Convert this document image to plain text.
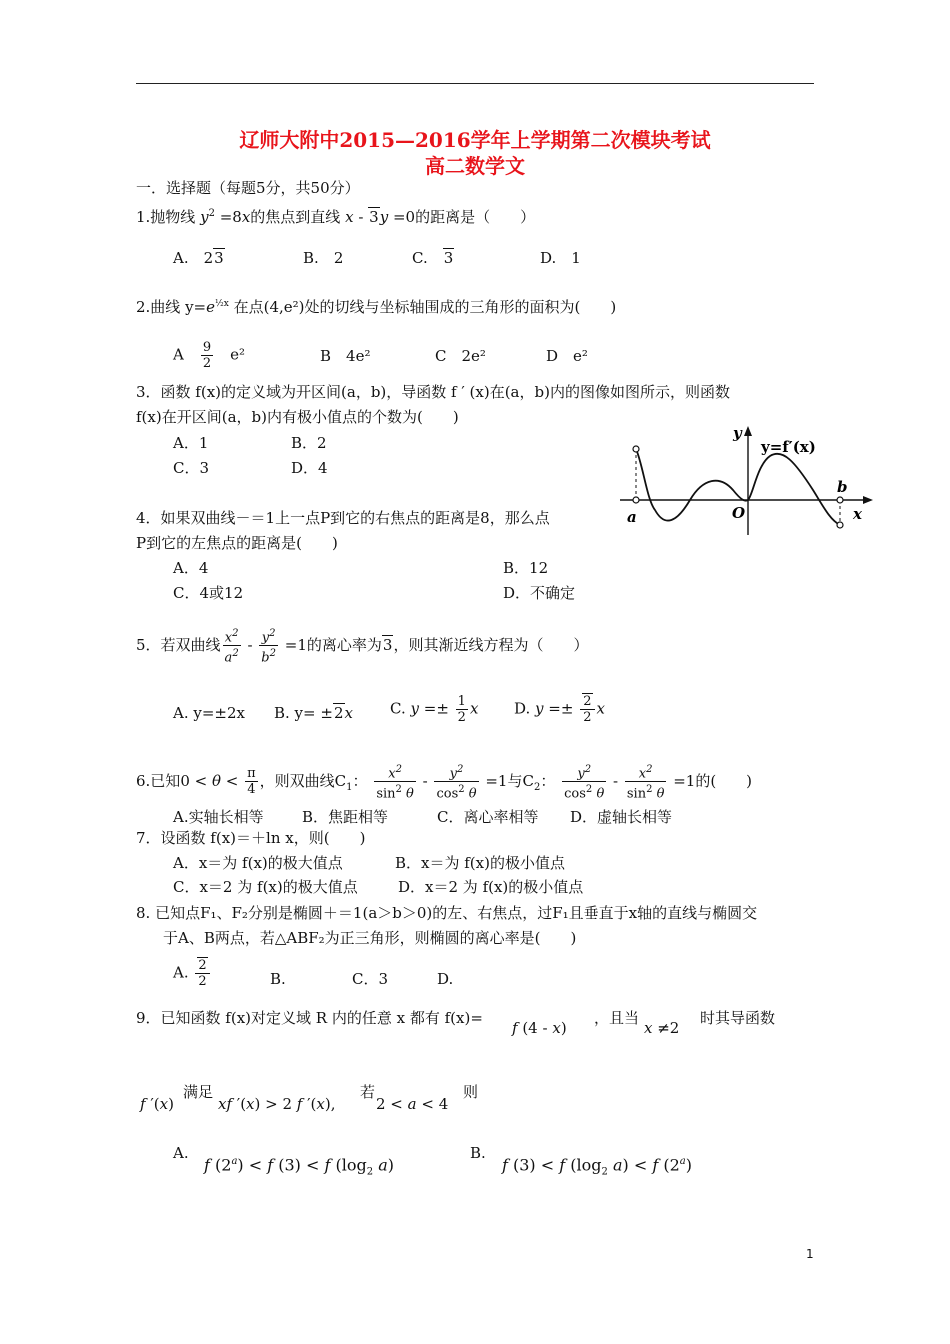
辽师大附中2015—2016学年上学期第二次模块考试
高二数学文
一．选择题（每题5分，共50分）
1.抛物线 $y^2 =8x$的焦点到直线 x - 3y =0的距离是（　　）
A.　23	B.　 2	C.　 3	D.　 1
2.曲线 $y=e^{\frac{1}{2}x}$ 在点(4,e²)处的切线与坐标轴围成的三角形的面积为(　　)
A　 $\frac{9}{2}$
　 e²	B　4e²	C　2e²	D　e²
3．函数 f(x)的定义域为开区间(a，b)，导函数 f ′ (x)在(a，b)内的图像如图所示，则函数
f(x)在开区间(a，b)内有极小值点的个数为(　　)
A．1	B．2
C．3	D．4
y
y=f′(x)
x
a
b
O
4．如果双曲线－＝1上一点P到它的右焦点的距离是8，那么点
P到它的左焦点的距离是(　　)
A．4	B．12
C．4或12	D．不确定
5．若双曲线 $\frac{x^2}{a^2} - \frac{y^2}{b^2} =1$的离心率为3，则其渐近线方程为（　　）
A. y=±2x B. y= ±2x C. $y =\pm \frac{1}{2}$ x D. $y =\pm \frac{2}{2}$ x
6.已知$0 < \theta < \frac{\pi}{4}$ ，则双曲线$C_1$： $\frac{x^2}{\sin^2 \theta} - \frac{y^2}{\cos^2 \theta} =1$与$C_2$： $\frac{y^2}{\cos^2 \theta} - \frac{x^2}{\sin^2 \theta} =1$的(　　)
A.实轴长相等	B．焦距相等	C．离心率相等 D．虚轴长相等
7．设函数 f(x)＝＋ln x，则(　　)
A．x＝为 f(x)的极大值点	B．x＝为 f(x)的极小值点
C．x＝2 为 f(x)的极大值点	D．x＝2 为 f(x)的极小值点
8. 已知点F₁、F₂分别是椭圆＋＝1(a＞b＞0)的左、右焦点，过F₁且垂直于x轴的直线与椭圆交
于A、B两点，若△ABF₂为正三角形，则椭圆的离心率是(　　)
A. $\frac{2}{2}$	B.	C．3	D.
9．已知函数 f(x)对定义域 R 内的任意 x 都有 f(x)=
f (4 - x)
，且当
x ≠2
时其导函数
f ′(x)
满足
xf ′(x) > 2 f ′(x),
若
2 < a < 4
则
A.
f $(2^a) < f$ (3) < f ($\log_2$ a)
B.
f (3) < f ($\log_2$ a) < f (2$^a$)
1
